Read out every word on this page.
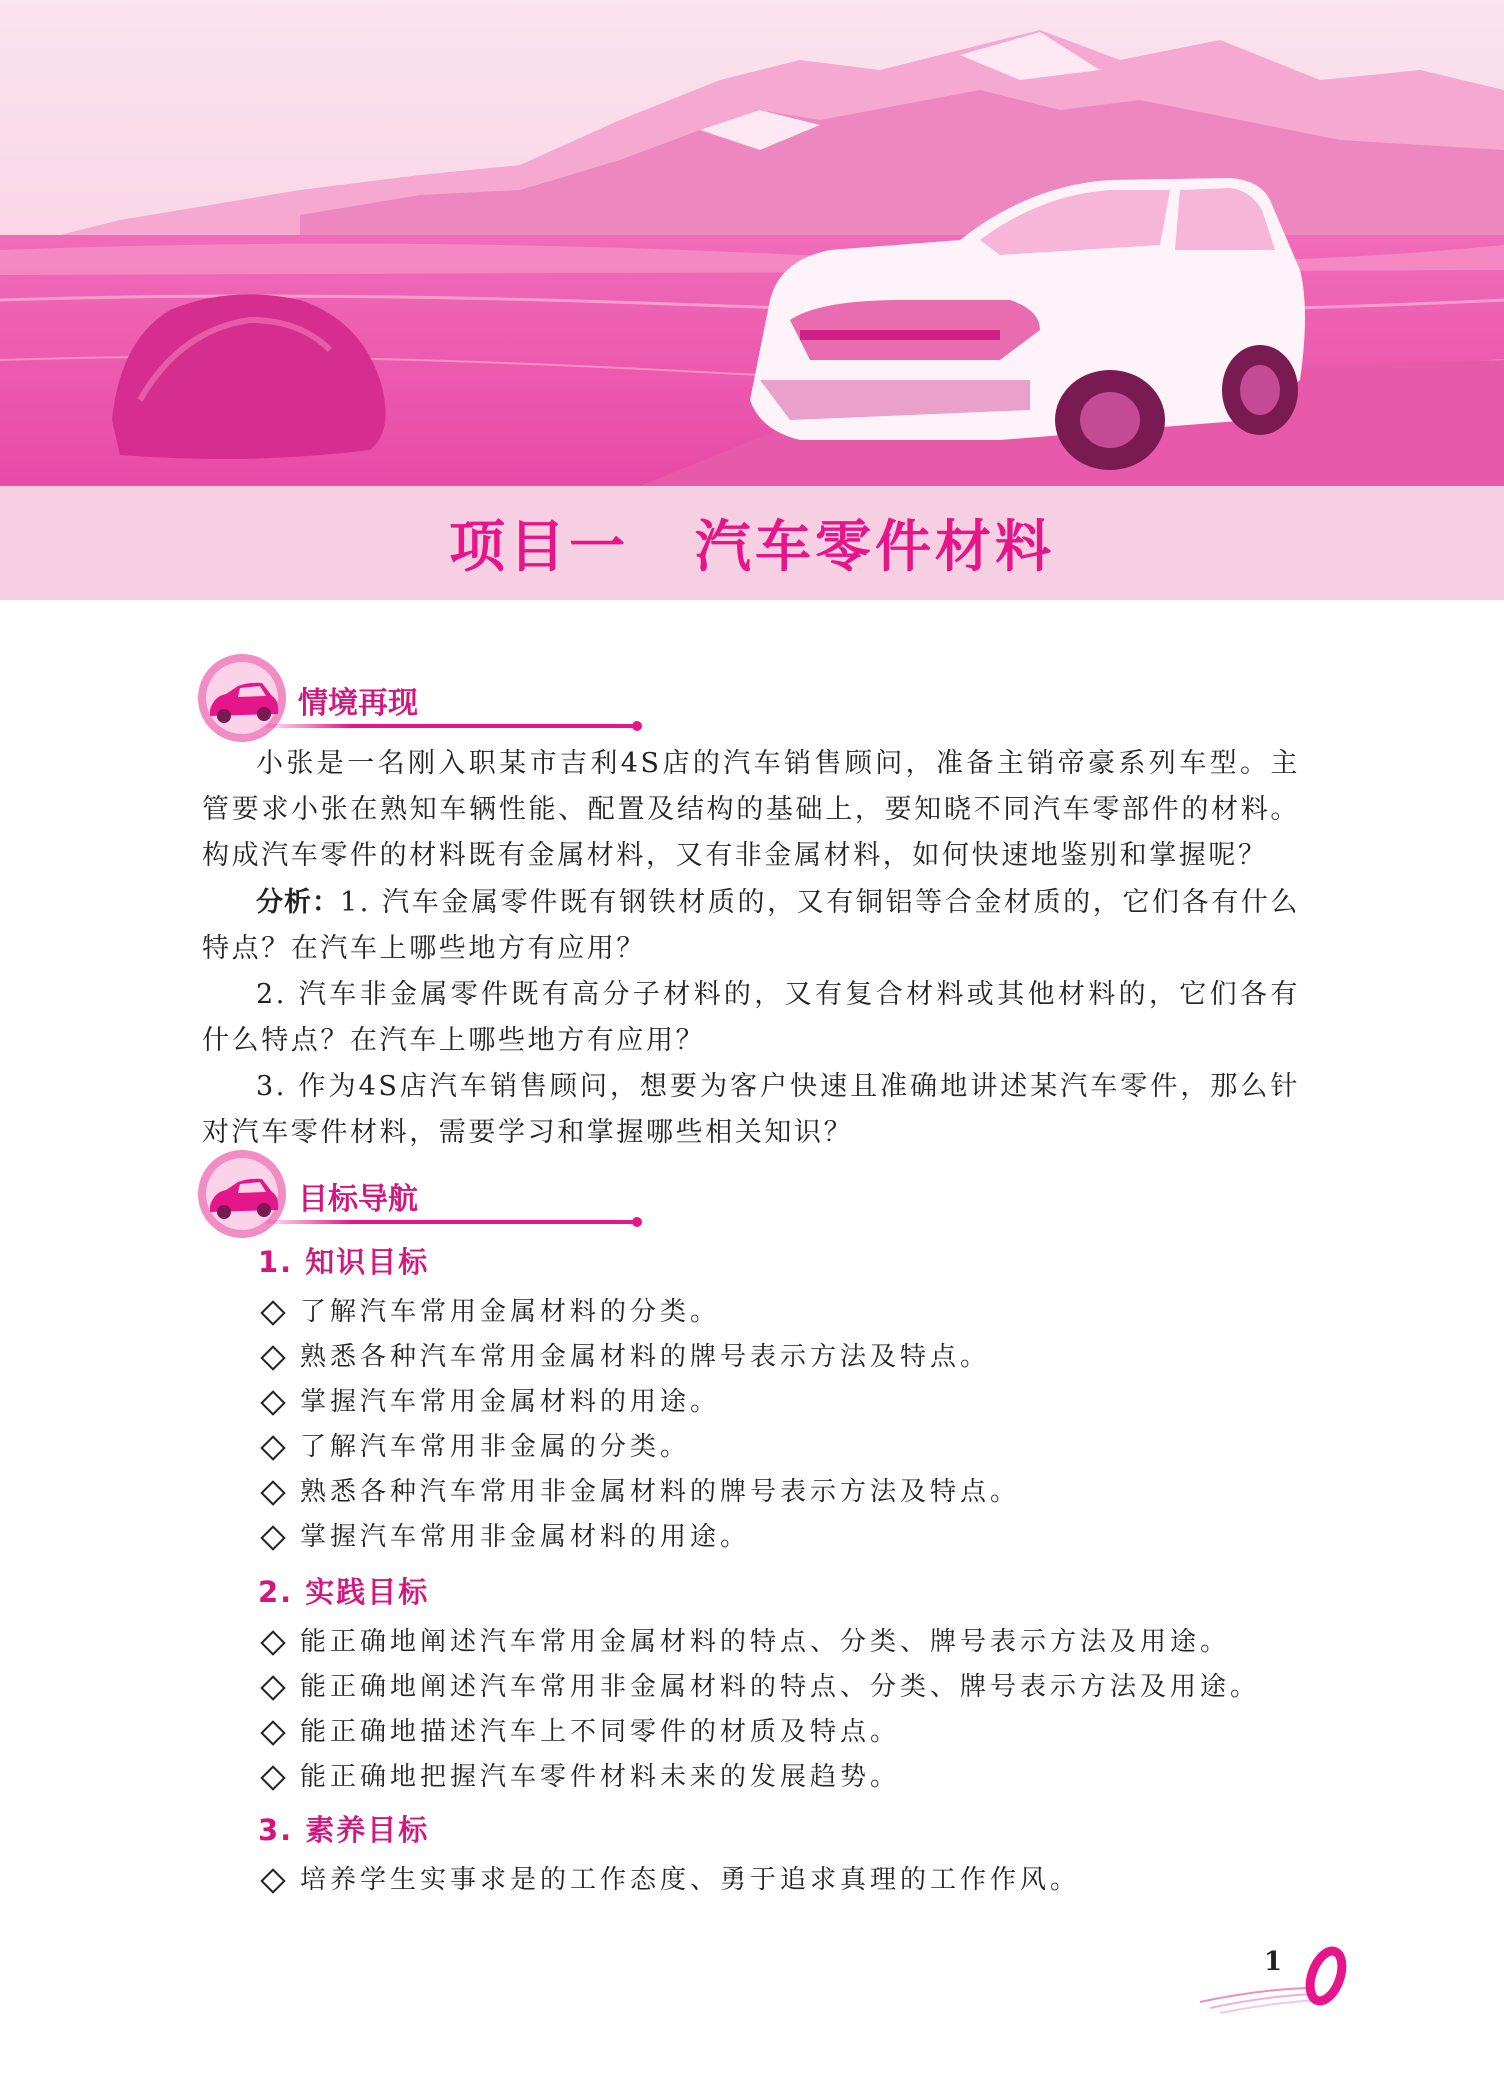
项目一 汽车零件材料
情境再现

小张是一名刚入职某市吉利4S店的汽车销售顾问，准备主销帝豪系列车型。主管要求小张在熟知车辆性能、配置及结构的基础上，要知晓不同汽车零部件的材料。构成汽车零件的材料既有金属材料，又有非金属材料，如何快速地鉴别和掌握呢？

分析：1. 汽车金属零件既有钢铁材质的，又有铜铝等合金材质的，它们各有什么特点？在汽车上哪些地方有应用？

2. 汽车非金属零件既有高分子材料的，又有复合材料或其他材料的，它们各有什么特点？在汽车上哪些地方有应用？

3. 作为4S店汽车销售顾问，想要为客户快速且准确地讲述某汽车零件，那么针对汽车零件材料，需要学习和掌握哪些相关知识？

目标导航
1. 知识目标
了解汽车常用金属材料的分类。
熟悉各种汽车常用金属材料的牌号表示方法及特点。
掌握汽车常用金属材料的用途。
了解汽车常用非金属的分类。
熟悉各种汽车常用非金属材料的牌号表示方法及特点。
掌握汽车常用非金属材料的用途。
2. 实践目标
能正确地阐述汽车常用金属材料的特点、分类、牌号表示方法及用途。
能正确地阐述汽车常用非金属材料的特点、分类、牌号表示方法及用途。
能正确地描述汽车上不同零件的材质及特点。
能正确地把握汽车零件材料未来的发展趋势。
3. 素养目标
培养学生实事求是的工作态度、勇于追求真理的工作作风。
1
